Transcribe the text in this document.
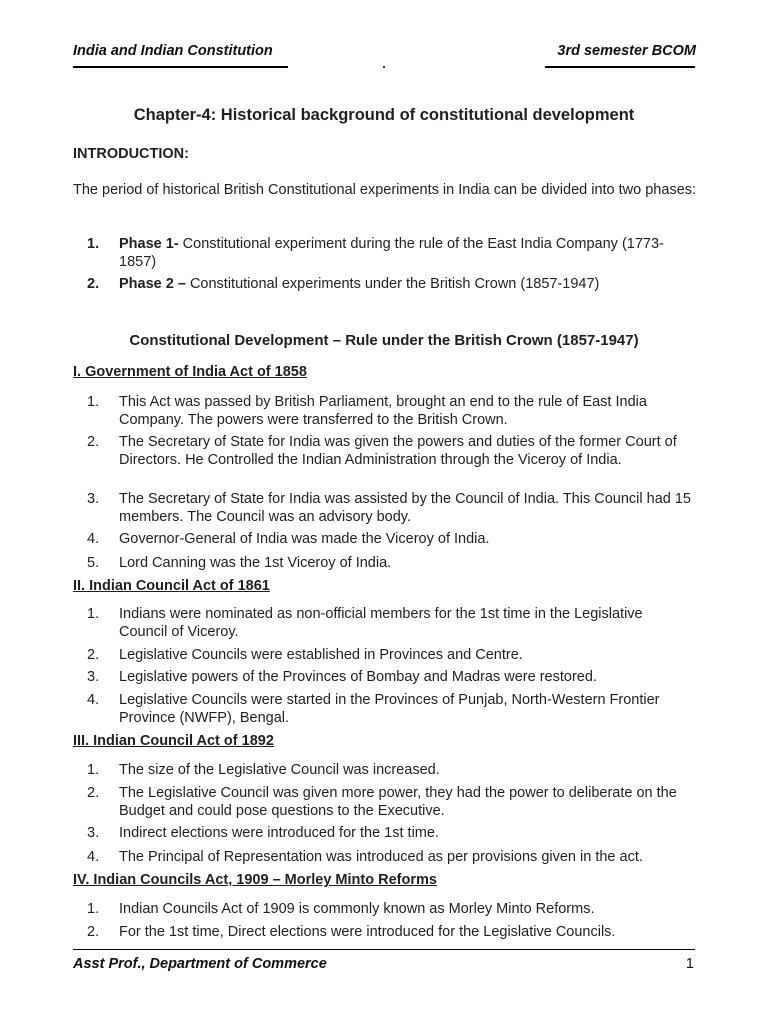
India and Indian Constitution	3rd semester BCOM
Chapter-4: Historical background of constitutional development
INTRODUCTION:
The period of historical British Constitutional experiments in India can be divided into two phases:
1. Phase 1- Constitutional experiment during the rule of the East India Company (1773-1857)
2. Phase 2 – Constitutional experiments under the British Crown (1857-1947)
Constitutional Development – Rule under the British Crown (1857-1947)
I. Government of India Act of 1858
1. This Act was passed by British Parliament, brought an end to the rule of East India Company. The powers were transferred to the British Crown.
2. The Secretary of State for India was given the powers and duties of the former Court of Directors. He Controlled the Indian Administration through the Viceroy of India.
3. The Secretary of State for India was assisted by the Council of India. This Council had 15 members. The Council was an advisory body.
4. Governor-General of India was made the Viceroy of India.
5. Lord Canning was the 1st Viceroy of India.
II. Indian Council Act of 1861
1. Indians were nominated as non-official members for the 1st time in the Legislative Council of Viceroy.
2. Legislative Councils were established in Provinces and Centre.
3. Legislative powers of the Provinces of Bombay and Madras were restored.
4. Legislative Councils were started in the Provinces of Punjab, North-Western Frontier Province (NWFP), Bengal.
III. Indian Council Act of 1892
1. The size of the Legislative Council was increased.
2. The Legislative Council was given more power, they had the power to deliberate on the Budget and could pose questions to the Executive.
3. Indirect elections were introduced for the 1st time.
4. The Principal of Representation was introduced as per provisions given in the act.
IV. Indian Councils Act, 1909 – Morley Minto Reforms
1. Indian Councils Act of 1909 is commonly known as Morley Minto Reforms.
2. For the 1st time, Direct elections were introduced for the Legislative Councils.
Asst Prof., Department of Commerce	1
